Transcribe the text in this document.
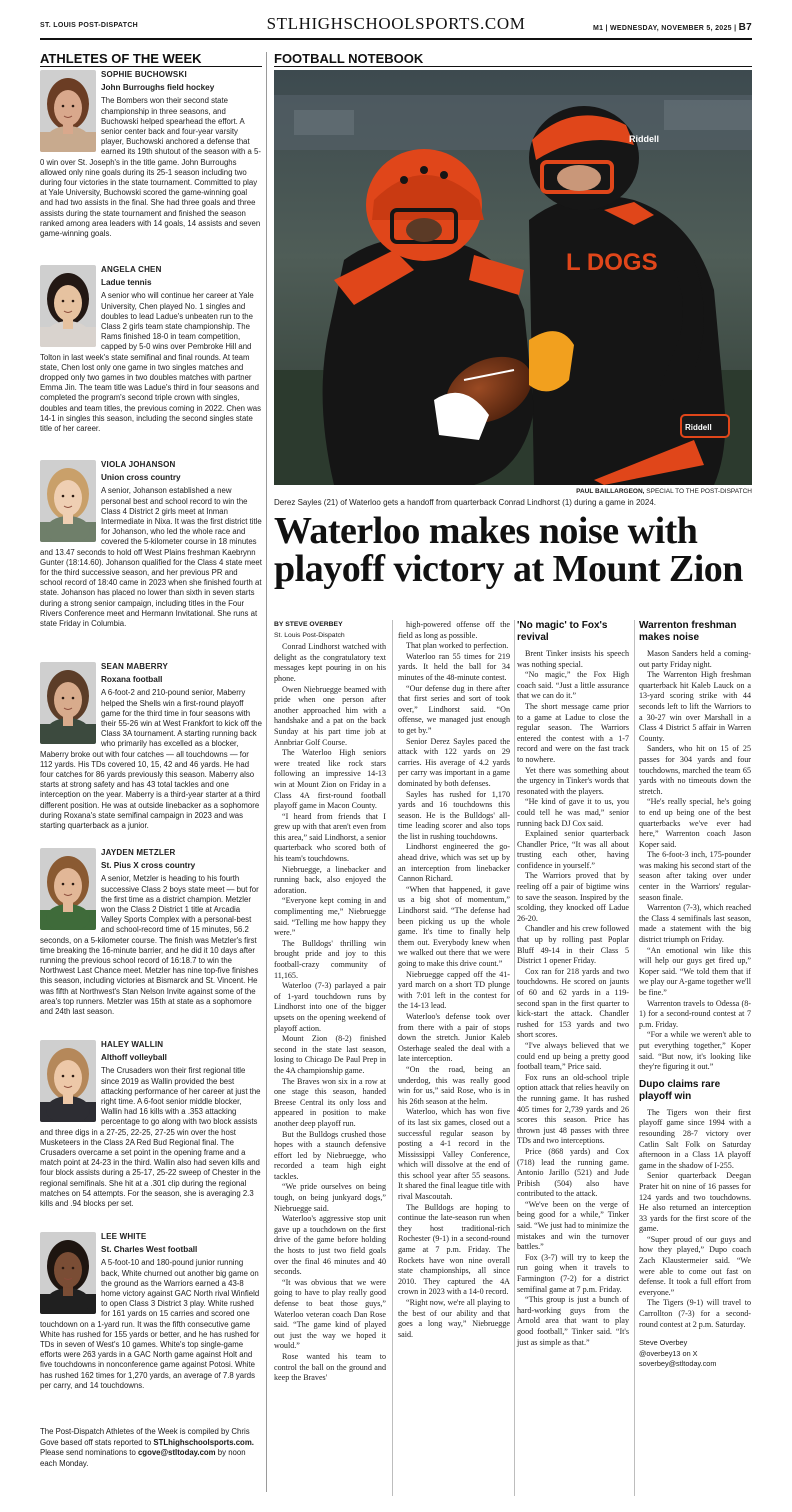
ST. LOUIS POST-DISPATCH	STLHIGHSCHOOLSPORTS.COM	M1 | WEDNESDAY, NOVEMBER 5, 2025 | B7
ATHLETES OF THE WEEK	FOOTBALL NOTEBOOK
SOPHIE BUCHOWSKI
John Burroughs field hockey
The Bombers won their second state championship in three seasons, and Buchowski helped spearhead the effort. A senior center back and four-year varsity player, Buchowski anchored a defense that earned its 19th shutout of the season with a 5-0 win over St. Joseph's in the title game. John Burroughs allowed only nine goals during its 25-1 season including two during four victories in the state tournament. Committed to play at Yale University, Buchowski scored the game-winning goal and had two assists in the final. She had three goals and three assists during the state tournament and finished the season ranked among area leaders with 14 goals, 14 assists and seven game-winning goals.
ANGELA CHEN
Ladue tennis
A senior who will continue her career at Yale University, Chen played No. 1 singles and doubles to lead Ladue's unbeaten run to the Class 2 girls team state championship. The Rams finished 18-0 in team competition, capped by 5-0 wins over Pembroke Hill and Tolton in last week's state semifinal and final rounds. At team state, Chen lost only one game in two singles matches and dropped only two games in two doubles matches with partner Emma Jin. The team title was Ladue's third in four seasons and completed the program's second triple crown with singles, doubles and team titles, the previous coming in 2022. Chen was 14-1 in singles this season, including the second singles state title of her career.
VIOLA JOHANSON
Union cross country
A senior, Johanson established a new personal best and school record to win the Class 4 District 2 girls meet at Inman Intermediate in Nixa. It was the first district title for Johanson, who led the whole race and covered the 5-kilometer course in 18 minutes and 13.47 seconds to hold off West Plains freshman Kaebrynn Gunter (18:14.60). Johanson qualified for the Class 4 state meet for the third successive season, and her previous PR and school record of 18:40 came in 2023 when she finished fourth at state. Johanson has placed no lower than sixth in seven starts during a strong senior campaign, including titles in the Four Rivers Conference meet and Hermann Invitational. She runs at state Friday in Columbia.
SEAN MABERRY
Roxana football
A 6-foot-2 and 210-pound senior, Maberry helped the Shells win a first-round playoff game for the third time in four seasons with their 55-26 win at West Frankfort to kick off the Class 3A tournament. A starting running back who primarily has excelled as a blocker, Maberry broke out with four catches — all touchdowns — for 112 yards. His TDs covered 10, 15, 42 and 46 yards. He had four catches for 86 yards previously this season. Maberry also starts at strong safety and has 43 total tackles and one interception on the year. Maberry is a third-year starter at a third different position. He was at outside linebacker as a sophomore during Roxana's state semifinal campaign in 2023 and was starting quarterback as a junior.
JAYDEN METZLER
St. Pius X cross country
A senior, Metzler is heading to his fourth successive Class 2 boys state meet — but for the first time as a district champion. Metzler won the Class 2 District 1 title at Arcadia Valley Sports Complex with a personal-best and school-record time of 15 minutes, 56.2 seconds, on a 5-kilometer course. The finish was Metzler's first time breaking the 16-minute barrier, and he did it 10 days after running the previous school record of 16:18.7 to win the Northwest Last Chance meet. Metzler has nine top-five finishes this season, including victories at Bismarck and St. Vincent. He was fifth at Northwest's Stan Nelson Invite against some of the area's top runners. Metzler was 15th at state as a sophomore and 24th last season.
HALEY WALLIN
Althoff volleyball
The Crusaders won their first regional title since 2019 as Wallin provided the best attacking performance of her career at just the right time. A 6-foot senior middle blocker, Wallin had 16 kills with a .353 attacking percentage to go along with two block assists and three digs in a 27-25, 22-25, 27-25 win over the host Musketeers in the Class 2A Red Bud Regional final. The Crusaders overcame a set point in the opening frame and a match point at 24-23 in the third. Wallin also had seven kills and four block assists during a 25-17, 25-22 sweep of Chester in the regional semifinals. She hit at a .301 clip during the regional matches on 54 attempts. For the season, she is averaging 2.3 kills and .94 blocks per set.
LEE WHITE
St. Charles West football
A 5-foot-10 and 180-pound junior running back, White churned out another big game on the ground as the Warriors earned a 43-8 home victory against GAC North rival Winfield to open Class 3 District 3 play. White rushed for 161 yards on 15 carries and scored one touchdown on a 1-yard run. It was the fifth consecutive game White has rushed for 155 yards or better, and he has rushed for TDs in seven of West's 10 games. White's top single-game efforts were 263 yards in a GAC North game against Holt and five touchdowns in nonconference game against Potosi. White has rushed 162 times for 1,270 yards, an average of 7.8 yards per carry, and 14 touchdowns.
The Post-Dispatch Athletes of the Week is compiled by Chris Gove based off stats reported to STLhighschoolsports.com. Please send nominations to cgove@stltoday.com by noon each Monday.
Riddell
L DOGS
Riddell
PAUL BAILLARGEON, SPECIAL TO THE POST-DISPATCH
Derez Sayles (21) of Waterloo gets a handoff from quarterback Conrad Lindhorst (1) during a game in 2024.
Waterloo makes noise with playoff victory at Mount Zion
BY STEVE OVERBEY
St. Louis Post-Dispatch

Conrad Lindhorst watched with delight as the congratulatory text messages kept pouring in on his phone.

Owen Niebruegge beamed with pride when one person after another approached him with a handshake and a pat on the back Sunday at his part time job at Annbriar Golf Course.

The Waterloo High seniors were treated like rock stars following an impressive 14-13 win at Mount Zion on Friday in a Class 4A first-round football playoff game in Macon County.

“I heard from friends that I grew up with that aren't even from this area,” said Lindhorst, a senior quarterback who scored both of his team's touchdowns.

Niebruegge, a linebacker and running back, also enjoyed the adoration.

“Everyone kept coming in and complimenting me,” Niebruegge said. “Telling me how happy they were.”

The Bulldogs' thrilling win brought pride and joy to this football-crazy community of 11,165.

Waterloo (7-3) parlayed a pair of 1-yard touchdown runs by Lindhorst into one of the bigger upsets on the opening weekend of playoff action.

Mount Zion (8-2) finished second in the state last season, losing to Chicago De Paul Prep in the 4A championship game.

The Braves won six in a row at one stage this season, handed Breese Central its only loss and appeared in position to make another deep playoff run.

But the Bulldogs crushed those hopes with a staunch defensive effort led by Niebruegge, who recorded a team high eight tackles.

“We pride ourselves on being tough, on being junkyard dogs,” Niebruegge said.

Waterloo's aggressive stop unit gave up a touchdown on the first drive of the game before holding the hosts to just two field goals over the final 46 minutes and 40 seconds.

“It was obvious that we were going to have to play really good defense to beat those guys,” Waterloo veteran coach Dan Rose said. “The game kind of played out just the way we hoped it would.”

Rose wanted his team to control the ball on the ground and keep the Braves'

high-powered offense off the field as long as possible.

That plan worked to perfection.

Waterloo ran 55 times for 219 yards. It held the ball for 34 minutes of the 48-minute contest.

“Our defense dug in there after that first series and sort of took over,” Lindhorst said. “On offense, we managed just enough to get by.”

Senior Derez Sayles paced the attack with 122 yards on 29 carries. His average of 4.2 yards per carry was important in a game dominated by both defenses.

Sayles has rushed for 1,170 yards and 16 touchdowns this season. He is the Bulldogs' all-time leading scorer and also tops the list in rushing touchdowns.

Lindhorst engineered the go-ahead drive, which was set up by an interception from linebacker Cannon Richard.

“When that happened, it gave us a big shot of momentum,” Lindhorst said. “The defense had been picking us up the whole game. It's time to finally help them out. Everybody knew when we walked out there that we were going to make this drive count.”

Niebruegge capped off the 41-yard march on a short TD plunge with 7:01 left in the contest for the 14-13 lead.

Waterloo's defense took over from there with a pair of stops down the stretch. Junior Kaleb Osterhage sealed the deal with a late interception.

“On the road, being an underdog, this was really good win for us,” said Rose, who is in his 26th season at the helm.

Waterloo, which has won five of its last six games, closed out a successful regular season by posting a 4-1 record in the Mississippi Valley Conference, which will dissolve at the end of this school year after 55 seasons. It shared the final league title with rival Mascoutah.

The Bulldogs are hoping to continue the late-season run when they host traditional-rich Rochester (9-1) in a second-round game at 7 p.m. Friday. The Rockets have won nine overall state championships, all since 2010. They captured the 4A crown in 2023 with a 14-0 record.

“Right now, we're all playing to the best of our ability and that goes a long way,” Niebruegge said.

'No magic' to Fox's revival

Brent Tinker insists his speech was nothing special.

“No magic,” the Fox High coach said. “Just a little assurance that we can do it.”

The short message came prior to a game at Ladue to close the regular season. The Warriors entered the contest with a 1-7 record and were on the fast track to nowhere.

Yet there was something about the urgency in Tinker's words that resonated with the players.

“He kind of gave it to us, you could tell he was mad,” senior running back DJ Cox said.

Explained senior quarterback Chandler Price, “It was all about trusting each other, having confidence in yourself.”

The Warriors proved that by reeling off a pair of bigtime wins to save the season. Inspired by the scolding, they knocked off Ladue 26-20.

Chandler and his crew followed that up by rolling past Poplar Bluff 49-14 in their Class 5 District 1 opener Friday.

Cox ran for 218 yards and two touchdowns. He scored on jaunts of 60 and 62 yards in a 119-second span in the first quarter to kick-start the attack. Chandler rushed for 153 yards and two short scores.

“I've always believed that we could end up being a pretty good football team,” Price said.

Fox runs an old-school triple option attack that relies heavily on the running game. It has rushed 405 times for 2,739 yards and 26 scores this season. Price has thrown just 48 passes with three TDs and two interceptions.

Price (868 yards) and Cox (718) lead the running game. Antonio Jarillo (521) and Jude Pribish (504) also have contributed to the attack.

“We've been on the verge of being good for a while,” Tinker said. “We just had to minimize the mistakes and win the turnover battles.”

Fox (3-7) will try to keep the run going when it travels to Farmington (7-2) for a district semifinal game at 7 p.m. Friday.

“This group is just a bunch of hard-working guys from the Arnold area that want to play good football,” Tinker said. “It's just as simple as that.”

Warrenton freshman makes noise

Mason Sanders held a coming-out party Friday night.

The Warrenton High freshman quarterback hit Kaleb Lauck on a 13-yard scoring strike with 44 seconds left to lift the Warriors to a 30-27 win over Marshall in a Class 4 District 5 affair in Warren County.

Sanders, who hit on 15 of 25 passes for 304 yards and four touchdowns, marched the team 65 yards with no timeouts down the stretch.

“He's really special, he's going to end up being one of the best quarterbacks we've ever had here,” Warrenton coach Jason Koper said.

The 6-foot-3 inch, 175-pounder was making his second start of the season after taking over under center in the Warriors' regular-season finale.

Warrenton (7-3), which reached the Class 4 semifinals last season, made a statement with the big district triumph on Friday.

“An emotional win like this will help our guys get fired up,” Koper said. “We told them that if we play our A-game together we'll be fine.”

Warrenton travels to Odessa (8-1) for a second-round contest at 7 p.m. Friday.

“For a while we weren't able to put everything together,” Koper said. “But now, it's looking like they're figuring it out.”

Dupo claims rare playoff win

The Tigers won their first playoff game since 1994 with a resounding 28-7 victory over Catlin Salt Folk on Saturday afternoon in a Class 1A playoff game in the shadow of I-255.

Senior quarterback Deegan Prater hit on nine of 16 passes for 124 yards and two touchdowns. He also returned an interception 33 yards for the first score of the game.

“Super proud of our guys and how they played,” Dupo coach Zach Klaustermeier said. “We were able to come out fast on defense. It took a full effort from everyone.”

The Tigers (9-1) will travel to Carrollton (7-3) for a second-round contest at 2 p.m. Saturday.

Steve Overbey
@overbey13 on X
soverbey@stltoday.com
